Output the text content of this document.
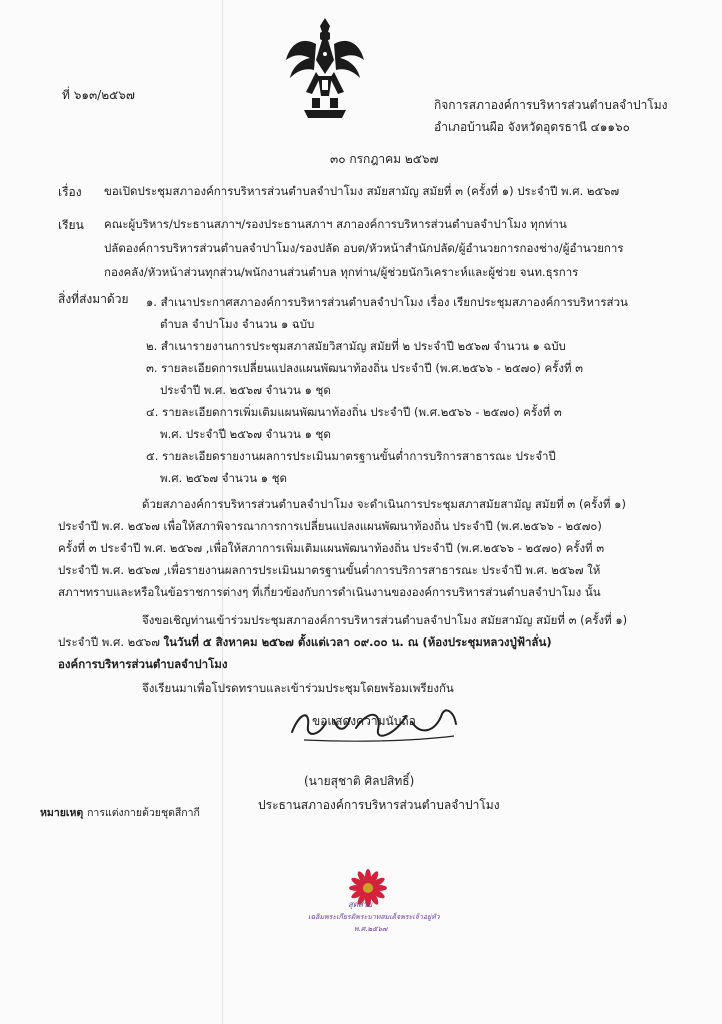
ที่ ๖๑๓/๒๕๖๗
กิจการสภาองค์การบริหารส่วนตำบลจำปาโมง
อำเภอบ้านผือ จังหวัดอุดรธานี ๔๑๑๖๐
๓๐ กรกฎาคม ๒๕๖๗
เรื่อง ขอเปิดประชุมสภาองค์การบริหารส่วนตำบลจำปาโมง สมัยสามัญ สมัยที่ ๓ (ครั้งที่ ๑) ประจำปี พ.ศ. ๒๕๖๗
เรียน คณะผู้บริหาร/ประธานสภาฯ/รองประธานสภาฯ สภาองค์การบริหารส่วนตำบลจำปาโมง ทุกท่าน
ปลัดองค์การบริหารส่วนตำบลจำปาโมง/รองปลัด อบต/หัวหน้าสำนักปลัด/ผู้อำนวยการกองช่าง/ผู้อำนวยการ
กองคลัง/หัวหน้าส่วนทุกส่วน/พนักงานส่วนตำบล ทุกท่าน/ผู้ช่วยนักวิเคราะห์และผู้ช่วย จนท.ธุรการ
สิ่งที่ส่งมาด้วย ๑. สำเนาประกาศสภาองค์การบริหารส่วนตำบลจำปาโมง เรื่อง เรียกประชุมสภาองค์การบริหารส่วน
ตำบล จำปาโมง จำนวน ๑ ฉบับ
๒. สำเนารายงานการประชุมสภาสมัยวิสามัญ สมัยที่ ๒ ประจำปี ๒๕๖๗ จำนวน ๑ ฉบับ
๓. รายละเอียดการเปลี่ยนแปลงแผนพัฒนาท้องถิ่น ประจำปี (พ.ศ.๒๕๖๖ - ๒๕๗๐) ครั้งที่ ๓
ประจำปี พ.ศ. ๒๕๖๗ จำนวน ๑ ชุด
๔. รายละเอียดการเพิ่มเติมแผนพัฒนาท้องถิ่น ประจำปี (พ.ศ.๒๕๖๖ - ๒๕๗๐) ครั้งที่ ๓
พ.ศ. ประจำปี ๒๕๖๗ จำนวน ๑ ชุด
๕. รายละเอียดรายงานผลการประเมินมาตรฐานขั้นต่ำการบริการสาธารณะ ประจำปี
พ.ศ. ๒๕๖๗ จำนวน ๑ ชุด
ด้วยสภาองค์การบริหารส่วนตำบลจำปาโมง จะดำเนินการประชุมสภาสมัยสามัญ สมัยที่ ๓ (ครั้งที่ ๑)
ประจำปี พ.ศ. ๒๕๖๗ เพื่อให้สภาพิจารณาการการเปลี่ยนแปลงแผนพัฒนาท้องถิ่น ประจำปี (พ.ศ.๒๕๖๖ - ๒๕๗๐)
ครั้งที่ ๓ ประจำปี พ.ศ. ๒๕๖๗ ,เพื่อให้สภาการเพิ่มเติมแผนพัฒนาท้องถิ่น ประจำปี (พ.ศ.๒๕๖๖ - ๒๕๗๐) ครั้งที่ ๓
ประจำปี พ.ศ. ๒๕๖๗ ,เพื่อรายงานผลการประเมินมาตรฐานขั้นต่ำการบริการสาธารณะ ประจำปี พ.ศ. ๒๕๖๗ ให้
สภาฯทราบและหรือในข้อราชการต่างๆ ที่เกี่ยวข้องกับการดำเนินงานขององค์การบริหารส่วนตำบลจำปาโมง นั้น
จึงขอเชิญท่านเข้าร่วมประชุมสภาองค์การบริหารส่วนตำบลจำปาโมง สมัยสามัญ สมัยที่ ๓ (ครั้งที่ ๑)
ประจำปี พ.ศ. ๒๕๖๗ ในวันที่ ๕ สิงหาคม ๒๕๖๗ ตั้งแต่เวลา ๐๙.๐๐ น. ณ (ห้องประชุมหลวงปู่ฟ้าลั่น)
องค์การบริหารส่วนตำบลจำปาโมง
จึงเรียนมาเพื่อโปรดทราบและเข้าร่วมประชุมโดยพร้อมเพรียงกัน
ขอแสดงความนับถือ
(นายสุชาติ ศิลปสิทธิ์)
ประธานสภาองค์การบริหารส่วนตำบลจำปาโมง
หมายเหตุ การแต่งกายด้วยชุดสีกากี
สุดสวย
เฉลิมพระเกียรติพระบาทสมเด็จพระเจ้าอยู่หัว
พ.ศ.๒๕๖๗
